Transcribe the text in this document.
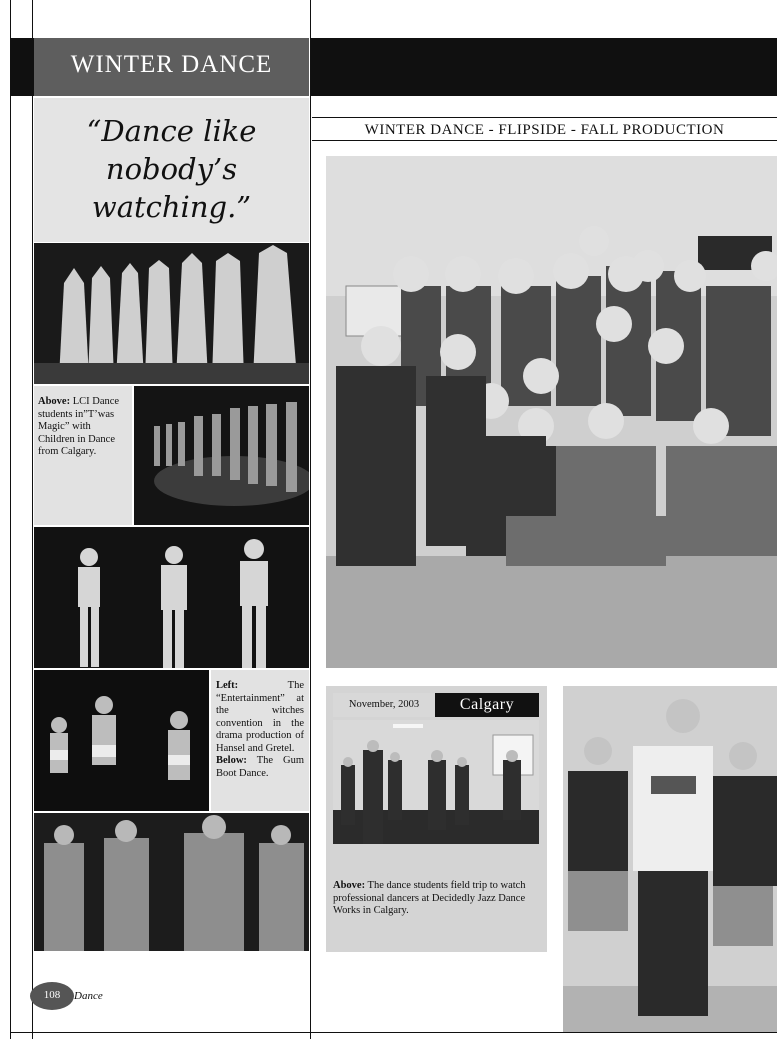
WINTER DANCE
“Dance like nobody’s watching.”
WINTER DANCE - FLIPSIDE - FALL PRODUCTION
Above: LCI Dance students in”T’was Magic” with Children in Dance from Calgary.
Left: The “Entertainment” at the witches convention in the drama production of Hansel and Gretel.
Below: The Gum Boot Dance.
November, 2003	Calgary
Above: The dance students field trip to watch professional dancers at Decidedly Jazz Dance Works in Calgary.
108	Dance
